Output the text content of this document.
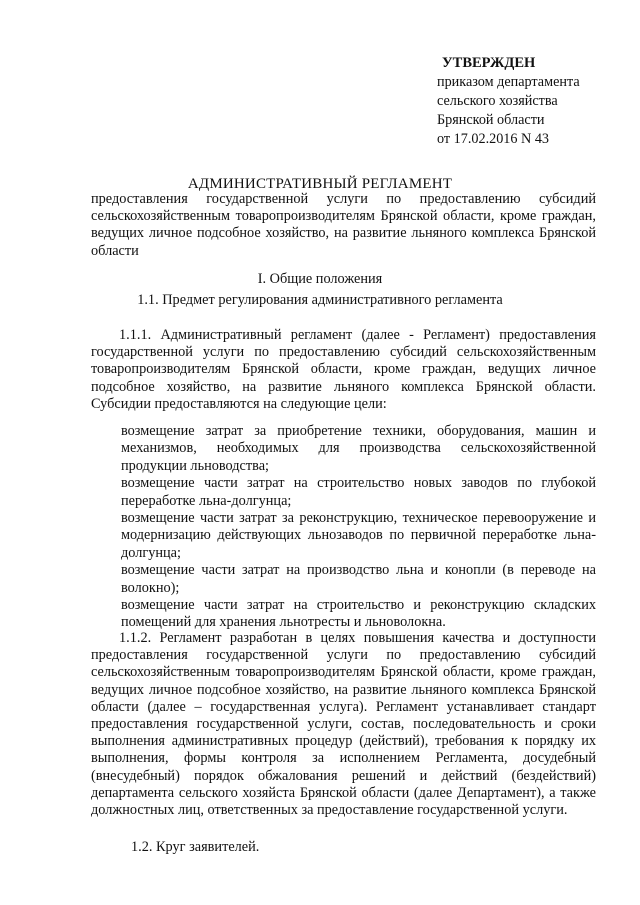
УТВЕРЖДЕН
приказом департамента
сельского хозяйства
Брянской области
от 17.02.2016 N 43
АДМИНИСТРАТИВНЫЙ РЕГЛАМЕНТ
предоставления государственной услуги по предоставлению субсидий сельскохозяйственным товаропроизводителям Брянской области, кроме граждан, ведущих личное подсобное хозяйство, на развитие льняного комплекса Брянской области
I. Общие положения
1.1. Предмет регулирования административного регламента
1.1.1. Административный регламент (далее - Регламент) предоставления государственной услуги по предоставлению субсидий сельскохозяйственным товаропроизводителям Брянской области, кроме граждан, ведущих личное подсобное хозяйство, на развитие льняного комплекса Брянской области. Субсидии предоставляются на следующие цели:
возмещение затрат за приобретение техники, оборудования, машин и механизмов, необходимых для производства сельскохозяйственной продукции льноводства;
возмещение части затрат на строительство новых заводов по глубокой переработке льна-долгунца;
возмещение части затрат за реконструкцию, техническое перевооружение и модернизацию действующих льнозаводов по первичной переработке льна- долгунца;
возмещение части затрат на производство льна и конопли (в переводе на волокно);
возмещение части затрат на строительство и реконструкцию складских помещений для хранения льнотресты и льноволокна.
1.1.2. Регламент разработан в целях повышения качества и доступности предоставления государственной услуги по предоставлению субсидий сельскохозяйственным товаропроизводителям Брянской области, кроме граждан, ведущих личное подсобное хозяйство, на развитие льняного комплекса Брянской области (далее – государственная услуга). Регламент устанавливает стандарт предоставления государственной услуги, состав, последовательность и сроки выполнения административных процедур (действий), требования к порядку их выполнения, формы контроля за исполнением Регламента, досудебный (внесудебный) порядок обжалования решений и действий (бездействий) департамента сельского хозяйста Брянской области (далее Департамент), а также должностных лиц, ответственных за предоставление государственной услуги.
1.2. Круг заявителей.
